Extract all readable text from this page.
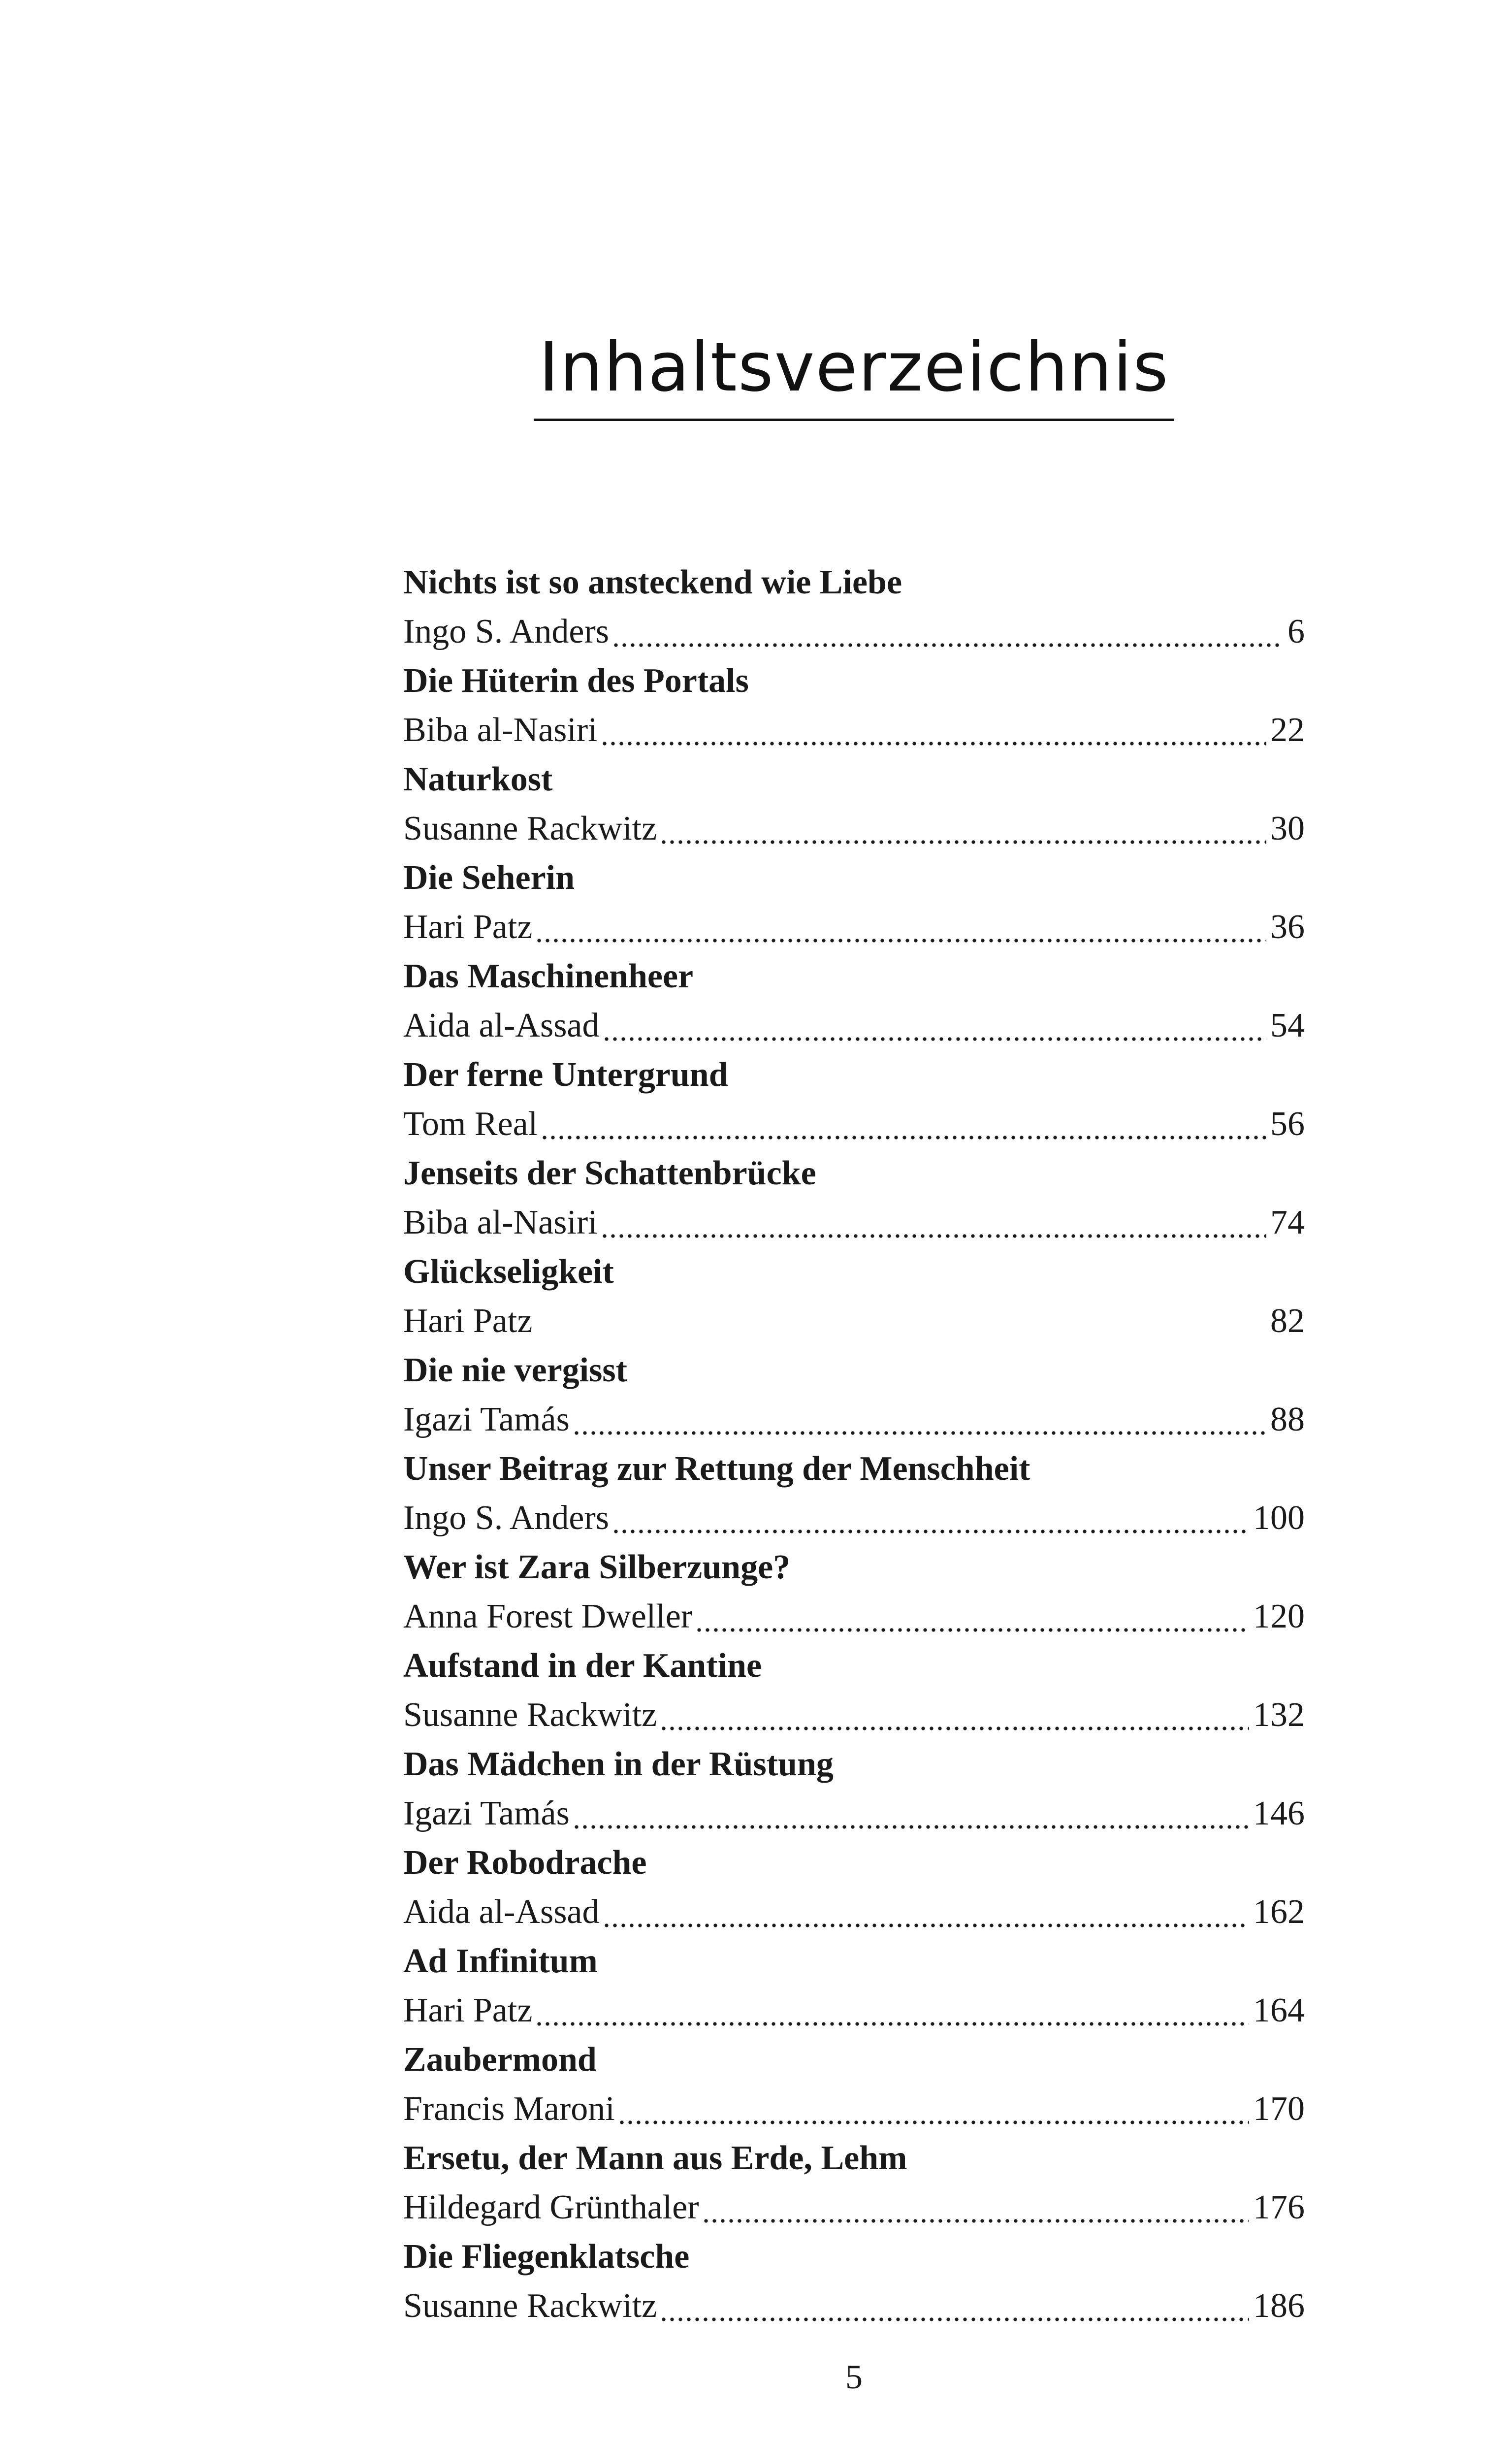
Inhaltsverzeichnis
Nichts ist so ansteckend wie Liebe
Ingo S. Anders	6
Die Hüterin des Portals
Biba al-Nasiri	22
Naturkost
Susanne Rackwitz	30
Die Seherin
Hari Patz	36
Das Maschinenheer
Aida al-Assad	54
Der ferne Untergrund
Tom Real	56
Jenseits der Schattenbrücke
Biba al-Nasiri	74
Glückseligkeit
Hari Patz	82
Die nie vergisst
Igazi Tamás	88
Unser Beitrag zur Rettung der Menschheit
Ingo S. Anders	100
Wer ist Zara Silberzunge?
Anna Forest Dweller	120
Aufstand in der Kantine
Susanne Rackwitz	132
Das Mädchen in der Rüstung
Igazi Tamás	146
Der Robodrache
Aida al-Assad	162
Ad Infinitum
Hari Patz	164
Zaubermond
Francis Maroni	170
Ersetu, der Mann aus Erde, Lehm
Hildegard Grünthaler	176
Die Fliegenklatsche
Susanne Rackwitz	186
5
